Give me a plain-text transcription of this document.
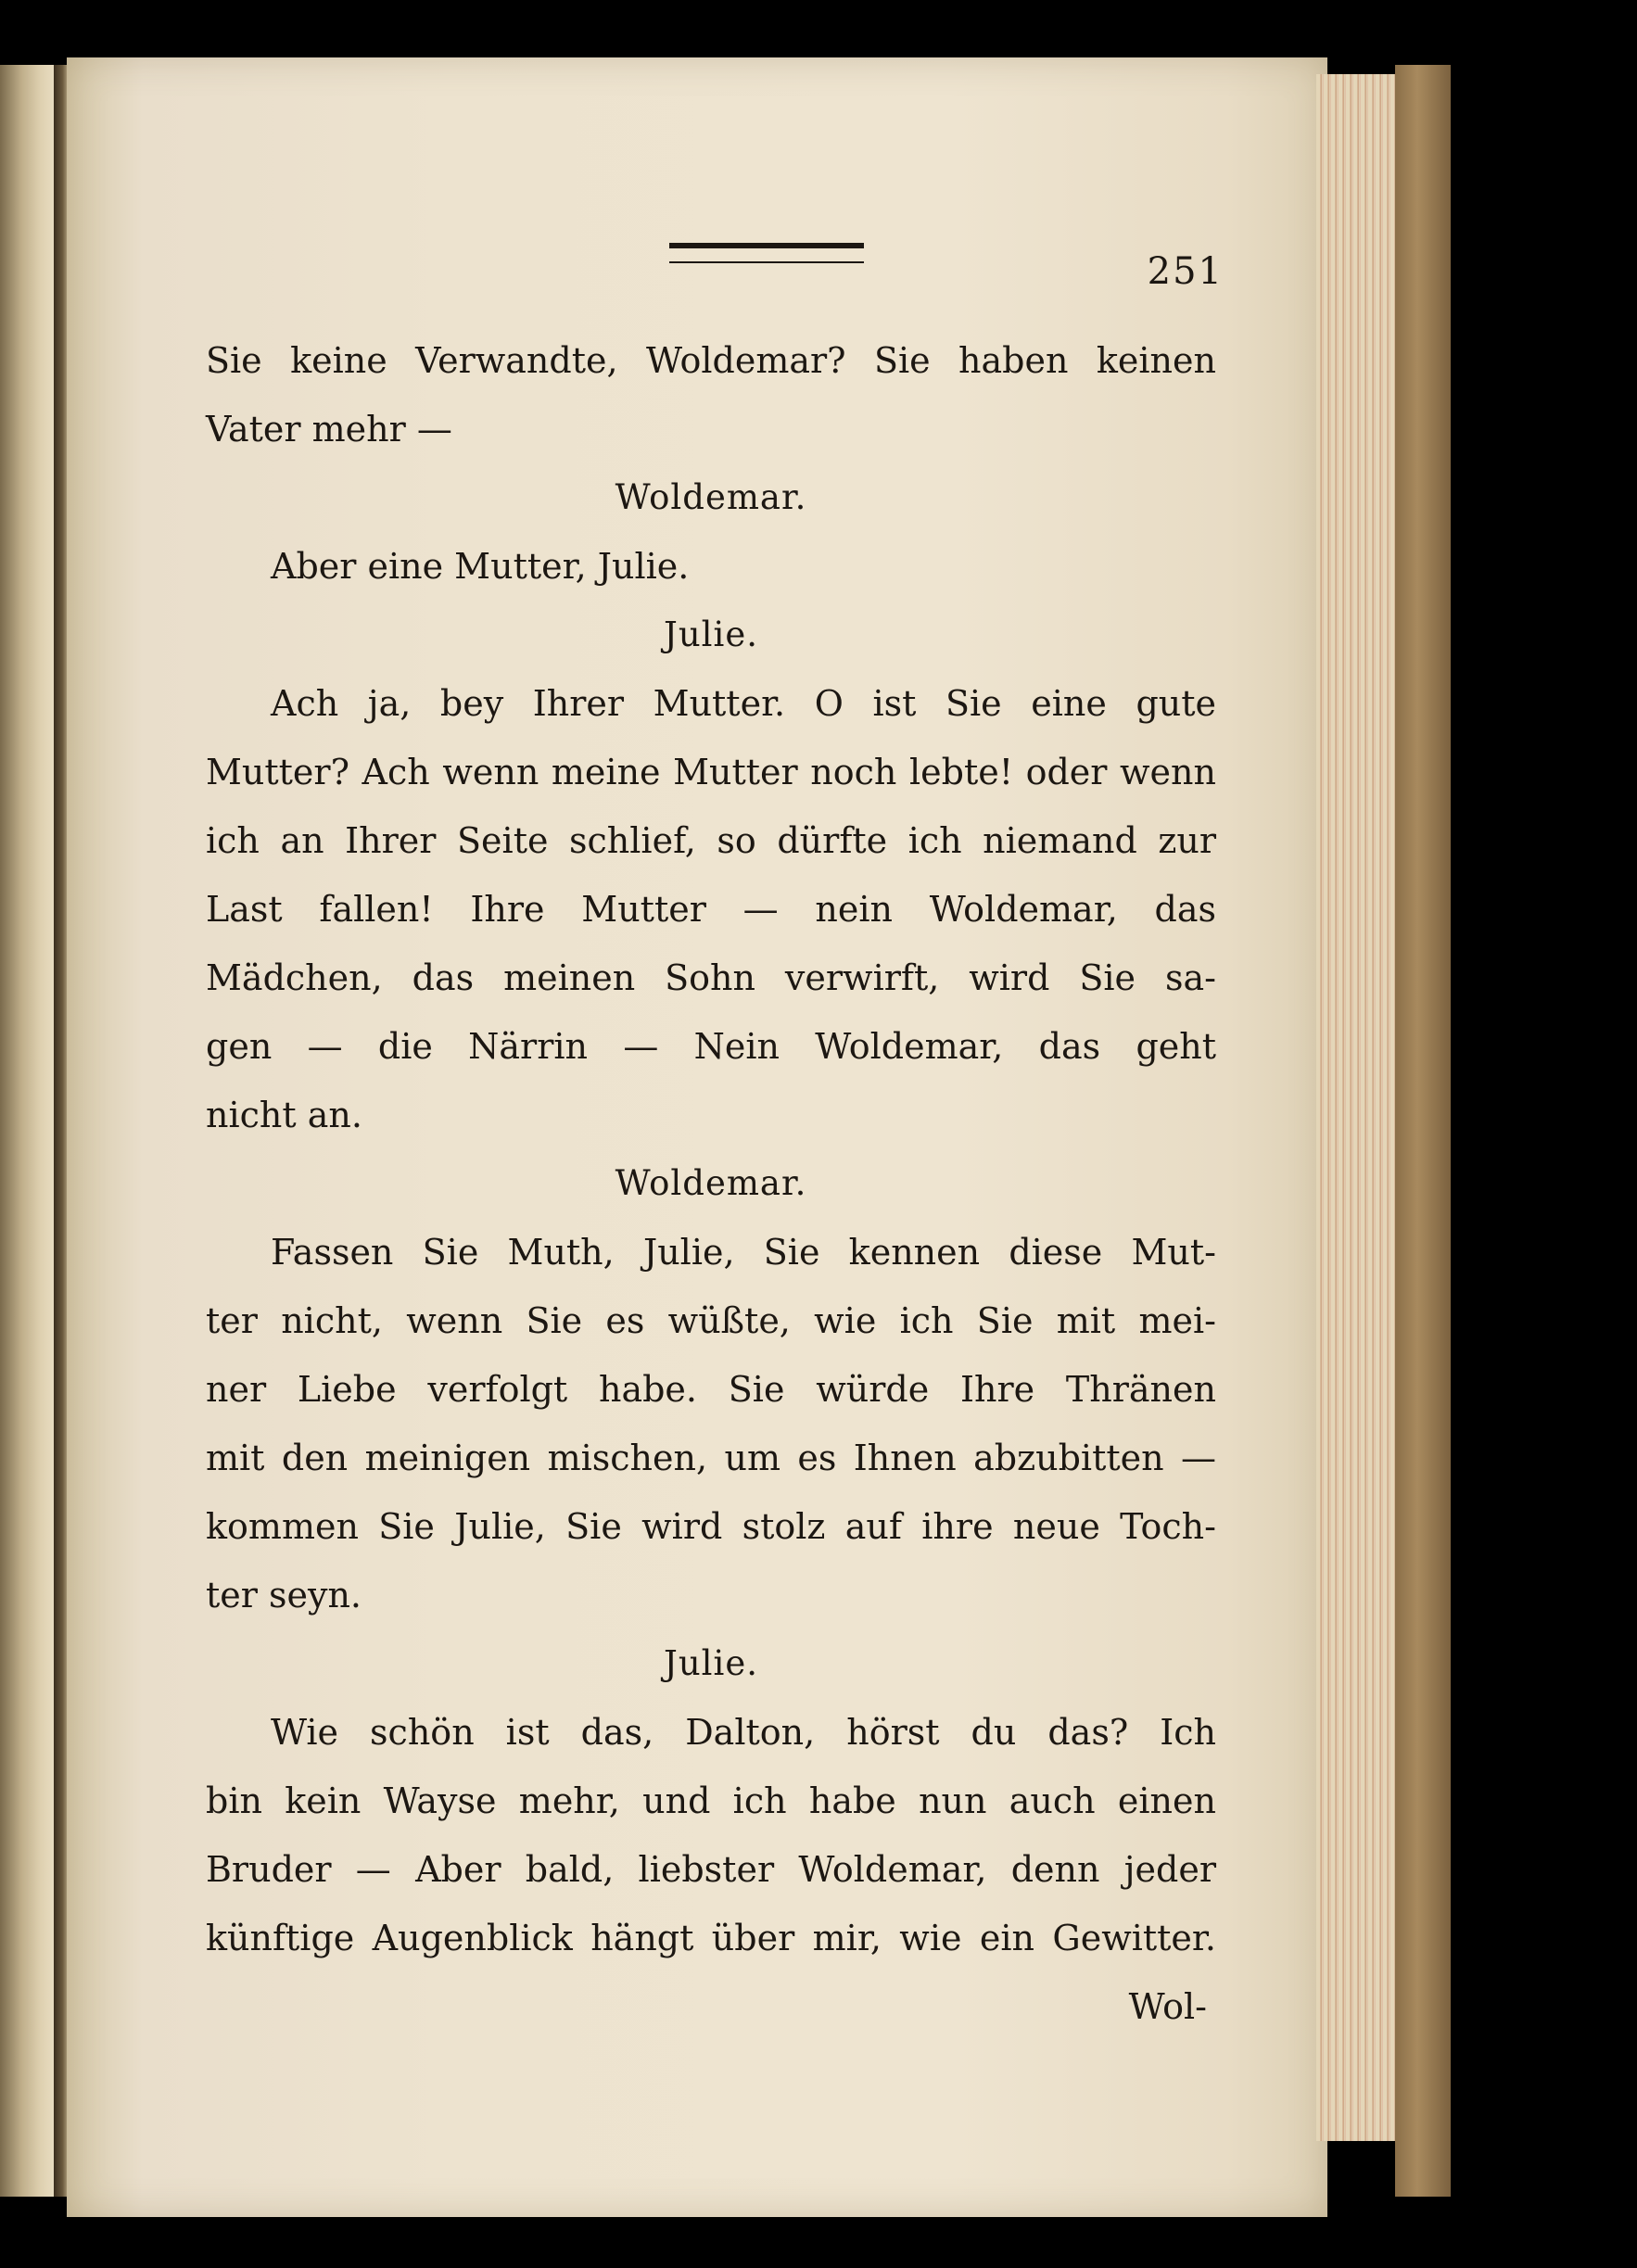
251
Sie keine Verwandte, Woldemar? Sie haben keinen
Vater mehr —
Woldemar.
Aber eine Mutter, Julie.
Julie.
Ach ja, bey Ihrer Mutter. O ist Sie eine gute
Mutter? Ach wenn meine Mutter noch lebte! oder wenn
ich an Ihrer Seite schlief, so dürfte ich niemand zur
Last fallen! Ihre Mutter — nein Woldemar, das
Mädchen, das meinen Sohn verwirft, wird Sie sa-
gen — die Närrin — Nein Woldemar, das geht
nicht an.
Woldemar.
Fassen Sie Muth, Julie, Sie kennen diese Mut-
ter nicht, wenn Sie es wüßte, wie ich Sie mit mei-
ner Liebe verfolgt habe. Sie würde Ihre Thränen
mit den meinigen mischen, um es Ihnen abzubitten —
kommen Sie Julie, Sie wird stolz auf ihre neue Toch-
ter seyn.
Julie.
Wie schön ist das, Dalton, hörst du das? Ich
bin kein Wayse mehr, und ich habe nun auch einen
Bruder — Aber bald, liebster Woldemar, denn jeder
künftige Augenblick hängt über mir, wie ein Gewitter.
Wol-
